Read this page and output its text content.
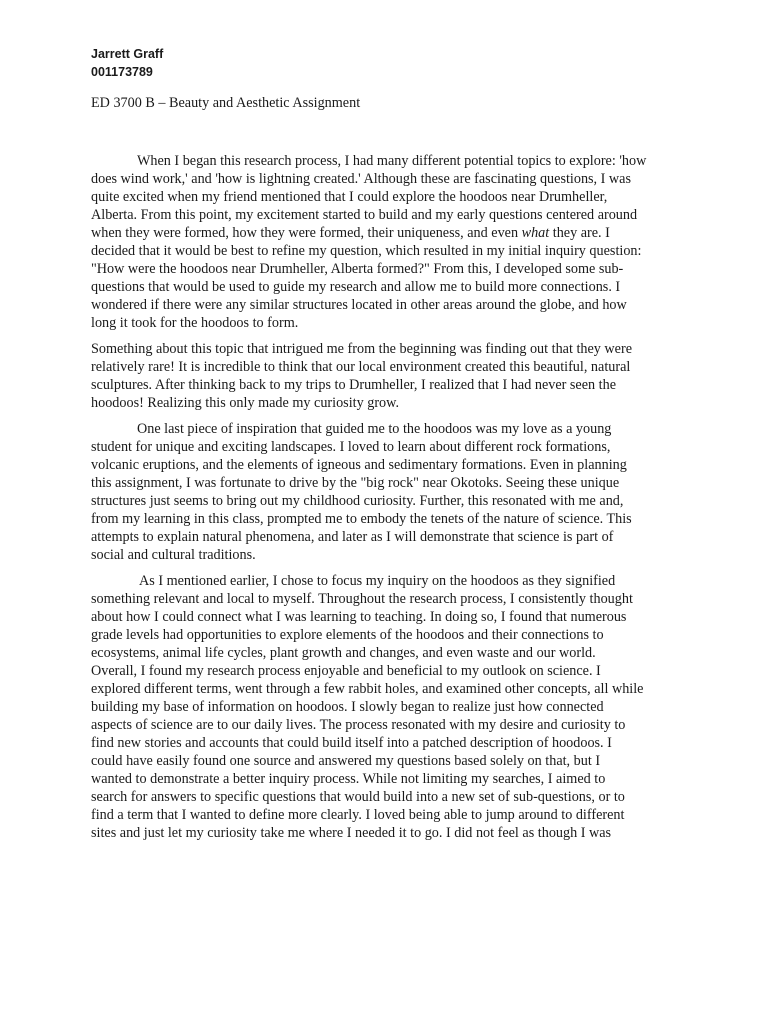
Jarrett Graff
001173789
ED 3700 B – Beauty and Aesthetic Assignment

When I began this research process, I had many different potential topics to explore: 'how
does wind work,' and 'how is lightning created.' Although these are fascinating questions, I was
quite excited when my friend mentioned that I could explore the hoodoos near Drumheller,
Alberta. From this point, my excitement started to build and my early questions centered around
when they were formed, how they were formed, their uniqueness, and even what they are. I
decided that it would be best to refine my question, which resulted in my initial inquiry question:
"How were the hoodoos near Drumheller, Alberta formed?" From this, I developed some sub-
questions that would be used to guide my research and allow me to build more connections. I
wondered if there were any similar structures located in other areas around the globe, and how
long it took for the hoodoos to form.

Something about this topic that intrigued me from the beginning was finding out that they were
relatively rare! It is incredible to think that our local environment created this beautiful, natural
sculptures. After thinking back to my trips to Drumheller, I realized that I had never seen the
hoodoos! Realizing this only made my curiosity grow.

One last piece of inspiration that guided me to the hoodoos was my love as a young
student for unique and exciting landscapes. I loved to learn about different rock formations,
volcanic eruptions, and the elements of igneous and sedimentary formations. Even in planning
this assignment, I was fortunate to drive by the "big rock" near Okotoks. Seeing these unique
structures just seems to bring out my childhood curiosity. Further, this resonated with me and,
from my learning in this class, prompted me to embody the tenets of the nature of science. This
attempts to explain natural phenomena, and later as I will demonstrate that science is part of
social and cultural traditions.

As I mentioned earlier, I chose to focus my inquiry on the hoodoos as they signified
something relevant and local to myself. Throughout the research process, I consistently thought
about how I could connect what I was learning to teaching. In doing so, I found that numerous
grade levels had opportunities to explore elements of the hoodoos and their connections to
ecosystems, animal life cycles, plant growth and changes, and even waste and our world.
Overall, I found my research process enjoyable and beneficial to my outlook on science. I
explored different terms, went through a few rabbit holes, and examined other concepts, all while
building my base of information on hoodoos. I slowly began to realize just how connected
aspects of science are to our daily lives. The process resonated with my desire and curiosity to
find new stories and accounts that could build itself into a patched description of hoodoos. I
could have easily found one source and answered my questions based solely on that, but I
wanted to demonstrate a better inquiry process. While not limiting my searches, I aimed to
search for answers to specific questions that would build into a new set of sub-questions, or to
find a term that I wanted to define more clearly. I loved being able to jump around to different
sites and just let my curiosity take me where I needed it to go. I did not feel as though I was
